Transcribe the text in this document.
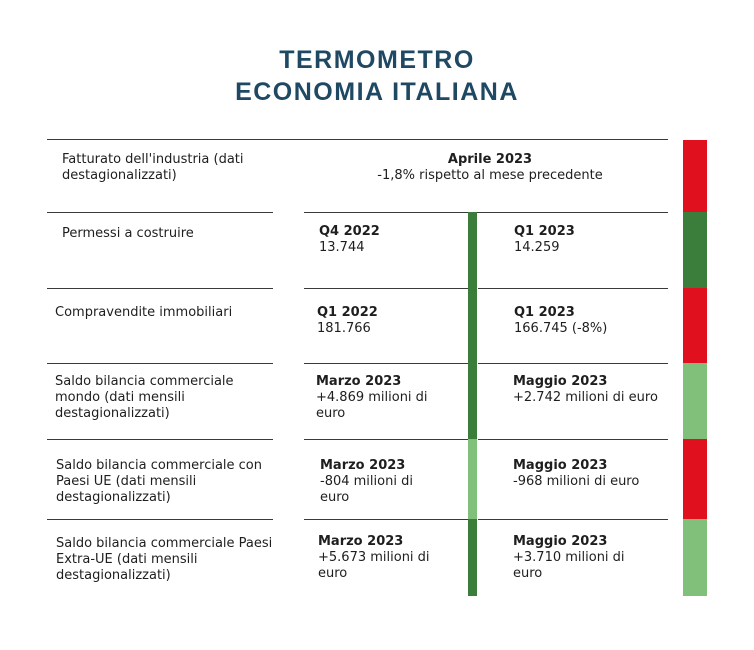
TERMOMETRO
ECONOMIA ITALIANA
Fatturato dell'industria (dati destagionalizzati)
Aprile 2023
-1,8% rispetto al mese precedente
Permessi a costruire	Q4 2022
13.744
Q1 2023
14.259
Compravendite immobiliari	Q1 2022
181.766
Q1 2023
166.745 (-8%)
Saldo bilancia commerciale mondo (dati mensili destagionalizzati)
Marzo 2023
+4.869 milioni di euro
Maggio 2023
+2.742 milioni di euro
Saldo bilancia commerciale con Paesi UE (dati mensili destagionalizzati)
Marzo 2023
-804 milioni di euro
Maggio 2023
-968 milioni di euro
Saldo bilancia commerciale Paesi Extra-UE (dati mensili destagionalizzati)
Marzo 2023
+5.673 milioni di euro
Maggio 2023
+3.710 milioni di euro
